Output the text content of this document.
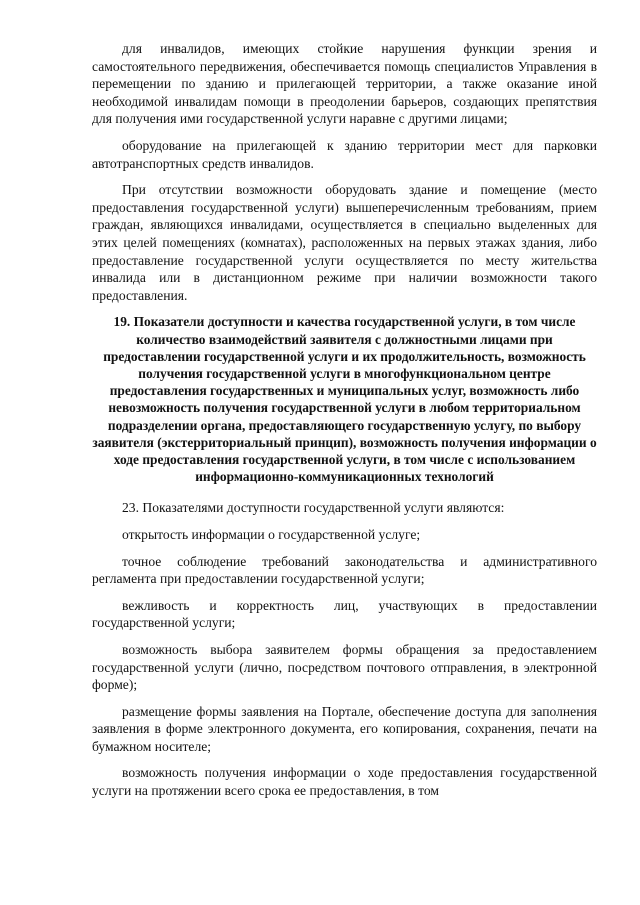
для инвалидов, имеющих стойкие нарушения функции зрения и самостоятельного передвижения, обеспечивается помощь специалистов Управления в перемещении по зданию и прилегающей территории, а также оказание иной необходимой инвалидам помощи в преодолении барьеров, создающих препятствия для получения ими государственной услуги наравне с другими лицами;

оборудование на прилегающей к зданию территории мест для парковки автотранспортных средств инвалидов.

При отсутствии возможности оборудовать здание и помещение (место предоставления государственной услуги) вышеперечисленным требованиям, прием граждан, являющихся инвалидами, осуществляется в специально выделенных для этих целей помещениях (комнатах), расположенных на первых этажах здания, либо предоставление государственной услуги осуществляется по месту жительства инвалида или в дистанционном режиме при наличии возможности такого предоставления.

19. Показатели доступности и качества государственной услуги, в том числе количество взаимодействий заявителя с должностными лицами при предоставлении государственной услуги и их продолжительность, возможность получения государственной услуги в многофункциональном центре предоставления государственных и муниципальных услуг, возможность либо невозможность получения государственной услуги в любом территориальном подразделении органа, предоставляющего государственную услугу, по выбору заявителя (экстерриториальный принцип), возможность получения информации о ходе предоставления государственной услуги, в том числе с использованием информационно-коммуникационных технологий

23. Показателями доступности государственной услуги являются:

открытость информации о государственной услуге;

точное соблюдение требований законодательства и административного регламента при предоставлении государственной услуги;

вежливость и корректность лиц, участвующих в предоставлении государственной услуги;

возможность выбора заявителем формы обращения за предоставлением государственной услуги (лично, посредством почтового отправления, в электронной форме);

размещение формы заявления на Портале, обеспечение доступа для заполнения заявления в форме электронного документа, его копирования, сохранения, печати на бумажном носителе;

возможность получения информации о ходе предоставления государственной услуги на протяжении всего срока ее предоставления, в том
